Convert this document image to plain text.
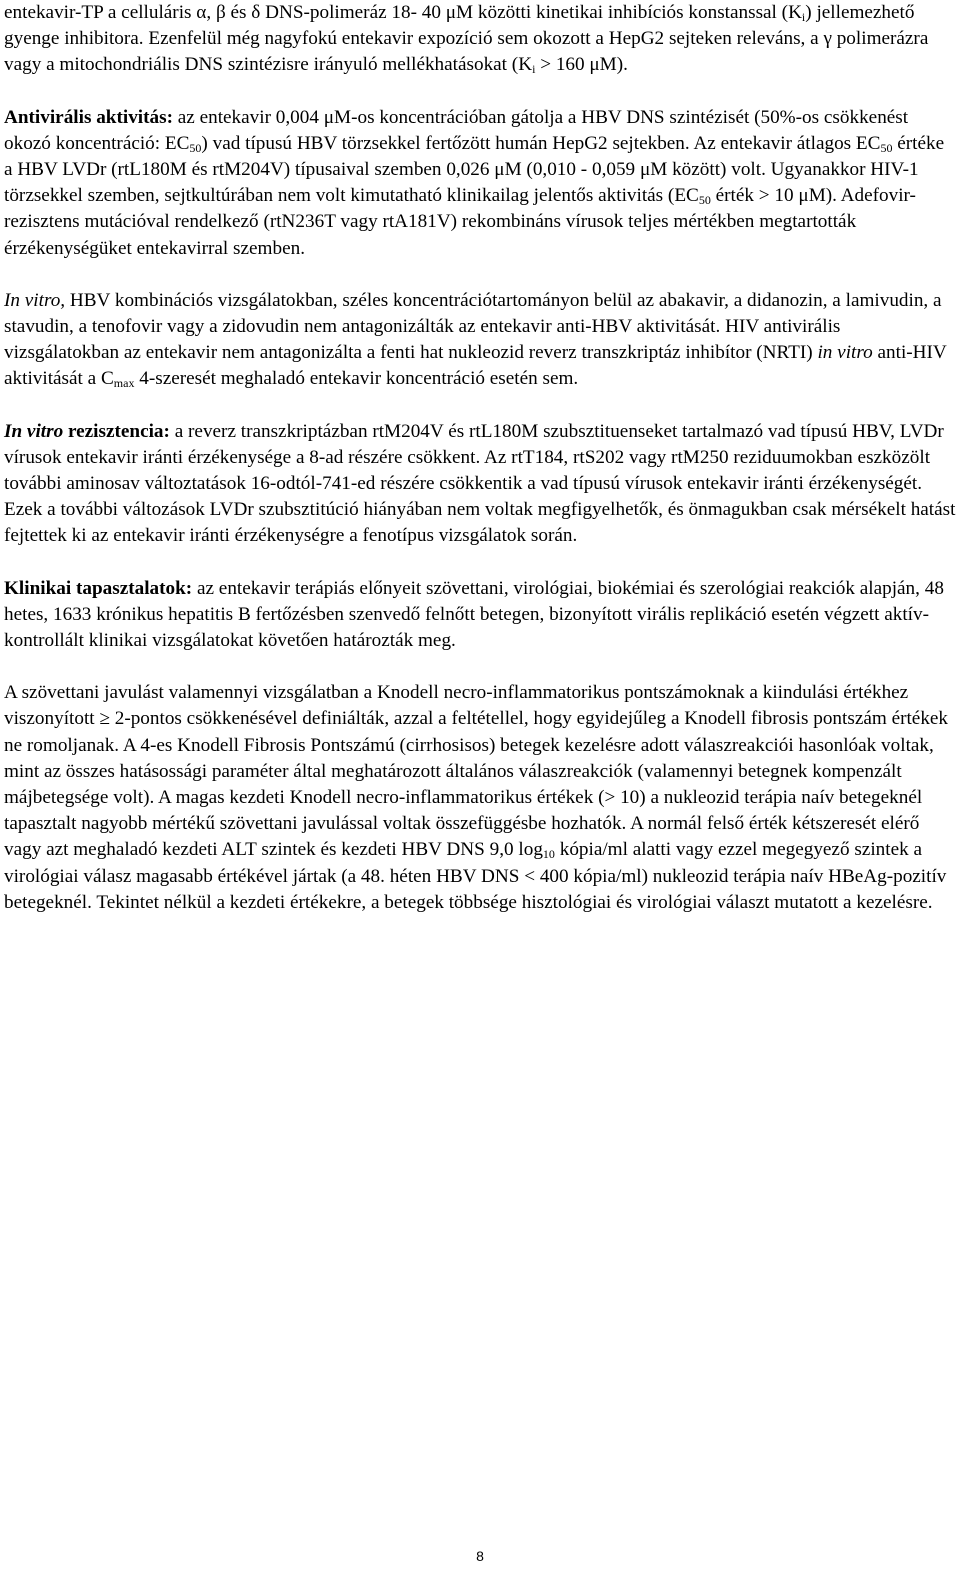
entekavir-TP a celluláris α, β és δ DNS-polimeráz 18- 40 μM közötti kinetikai inhibíciós konstanssal $(K_i)$ jellemezhető gyenge inhibitora. Ezenfelül még nagyfokú entekavir expozíció sem okozott a HepG2 sejteken releváns, a γ polimerázra vagy a mitochondriális DNS szintézisre irányuló mellékhatásokat ($K_i > 160$ μM).

Antivirális aktivitás: az entekavir 0,004 μM-os koncentrációban gátolja a HBV DNS szintézisét (50%-os csökkenést okozó koncentráció: $EC_{50}$) vad típusú HBV törzsekkel fertőzött humán HepG2 sejtekben. Az entekavir átlagos $EC_{50}$ értéke a HBV LVDr (rtL180M és rtM204V) típusaival szemben 0,026 μM (0,010 - 0,059 μM között) volt. Ugyanakkor HIV-1 törzsekkel szemben, sejtkultúrában nem volt kimutatható klinikailag jelentős aktivitás ($EC_{50}$ érték > 10 μM). Adefovir-rezisztens mutációval rendelkező (rtN236T vagy rtA181V) rekombináns vírusok teljes mértékben megtartották érzékenységüket entekavirral szemben.

In vitro, HBV kombinációs vizsgálatokban, széles koncentrációtartományon belül az abakavir, a didanozin, a lamivudin, a stavudin, a tenofovir vagy a zidovudin nem antagonizálták az entekavir anti-HBV aktivitását. HIV antivirális vizsgálatokban az entekavir nem antagonizálta a fenti hat nukleozid reverz transzkriptáz inhibítor (NRTI) in vitro anti-HIV aktivitását a $C_{max}$ 4-szeresét meghaladó entekavir koncentráció esetén sem.

In vitro rezisztencia: a reverz transzkriptázban rtM204V és rtL180M szubsztituenseket tartalmazó vad típusú HBV, LVDr vírusok entekavir iránti érzékenysége a 8-ad részére csökkent. Az rtT184, rtS202 vagy rtM250 reziduumokban eszközölt további aminosav változtatások 16-odtól-741-ed részére csökkentik a vad típusú vírusok entekavir iránti érzékenységét. Ezek a további változások LVDr szubsztitúció hiányában nem voltak megfigyelhetők, és önmagukban csak mérsékelt hatást fejtettek ki az entekavir iránti érzékenységre a fenotípus vizsgálatok során.

Klinikai tapasztalatok: az entekavir terápiás előnyeit szövettani, virológiai, biokémiai és szerológiai reakciók alapján, 48 hetes, 1633 krónikus hepatitis B fertőzésben szenvedő felnőtt betegen, bizonyított virális replikáció esetén végzett aktív-kontrollált klinikai vizsgálatokat követően határozták meg.

A szövettani javulást valamennyi vizsgálatban a Knodell necro-inflammatorikus pontszámoknak a kiindulási értékhez viszonyított ≥ 2-pontos csökkenésével definiálták, azzal a feltétellel, hogy egyidejűleg a Knodell fibrosis pontszám értékek ne romoljanak. A 4-es Knodell Fibrosis Pontszámú (cirrhosisos) betegek kezelésre adott válaszreakciói hasonlóak voltak, mint az összes hatásossági paraméter által meghatározott általános válaszreakciók (valamennyi betegnek kompenzált májbetegsége volt). A magas kezdeti Knodell necro-inflammatorikus értékek (> 10) a nukleozid terápia naív betegeknél tapasztalt nagyobb mértékű szövettani javulással voltak összefüggésbe hozhatók. A normál felső érték kétszeresét elérő vagy azt meghaladó kezdeti ALT szintek és kezdeti HBV DNS 9,0 $\log_{10}$ kópia/ml alatti vagy ezzel megegyező szintek a virológiai válasz magasabb értékével jártak (a 48. héten HBV DNS < 400 kópia/ml) nukleozid terápia naív HBeAg-pozitív betegeknél. Tekintet nélkül a kezdeti értékekre, a betegek többsége hisztológiai és virológiai választ mutatott a kezelésre.

8
